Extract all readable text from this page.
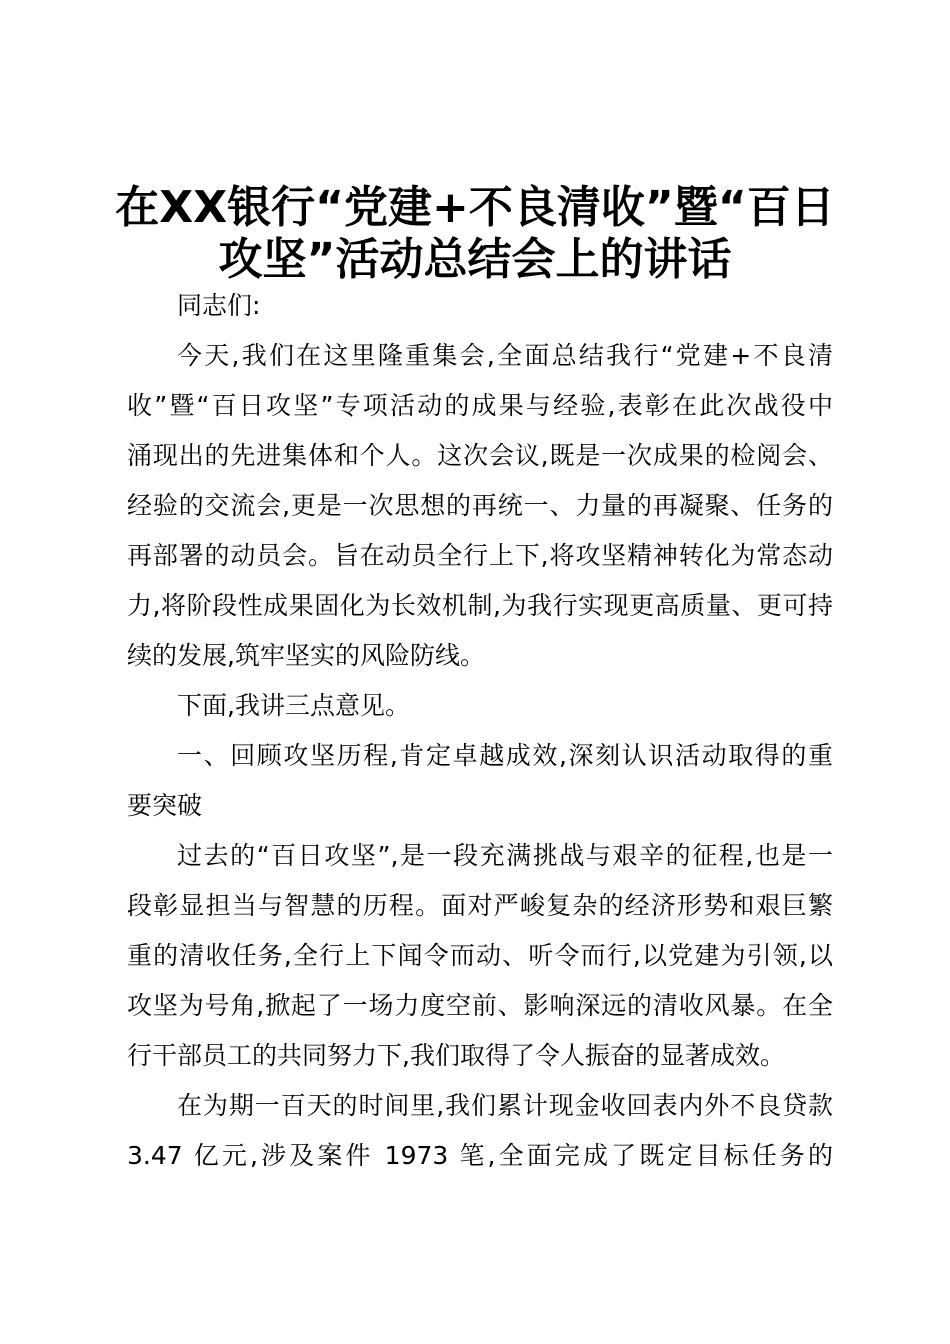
在XX银行“党建+不良清收”暨“百日
攻坚”活动总结会上的讲话
同志们:
今天,我们在这里隆重集会,全面总结我行“党建+不良清
收”暨“百日攻坚”专项活动的成果与经验,表彰在此次战役中
涌现出的先进集体和个人。这次会议,既是一次成果的检阅会、
经验的交流会,更是一次思想的再统一、力量的再凝聚、任务的
再部署的动员会。旨在动员全行上下,将攻坚精神转化为常态动
力,将阶段性成果固化为长效机制,为我行实现更高质量、更可持
续的发展,筑牢坚实的风险防线。
下面,我讲三点意见。
一、回顾攻坚历程,肯定卓越成效,深刻认识活动取得的重
要突破
过去的“百日攻坚”,是一段充满挑战与艰辛的征程,也是一
段彰显担当与智慧的历程。面对严峻复杂的经济形势和艰巨繁
重的清收任务,全行上下闻令而动、听令而行,以党建为引领,以
攻坚为号角,掀起了一场力度空前、影响深远的清收风暴。在全
行干部员工的共同努力下,我们取得了令人振奋的显著成效。
在为期一百天的时间里,我们累计现金收回表内外不良贷款
3.47 亿元,涉及案件 1973 笔,全面完成了既定目标任务的
